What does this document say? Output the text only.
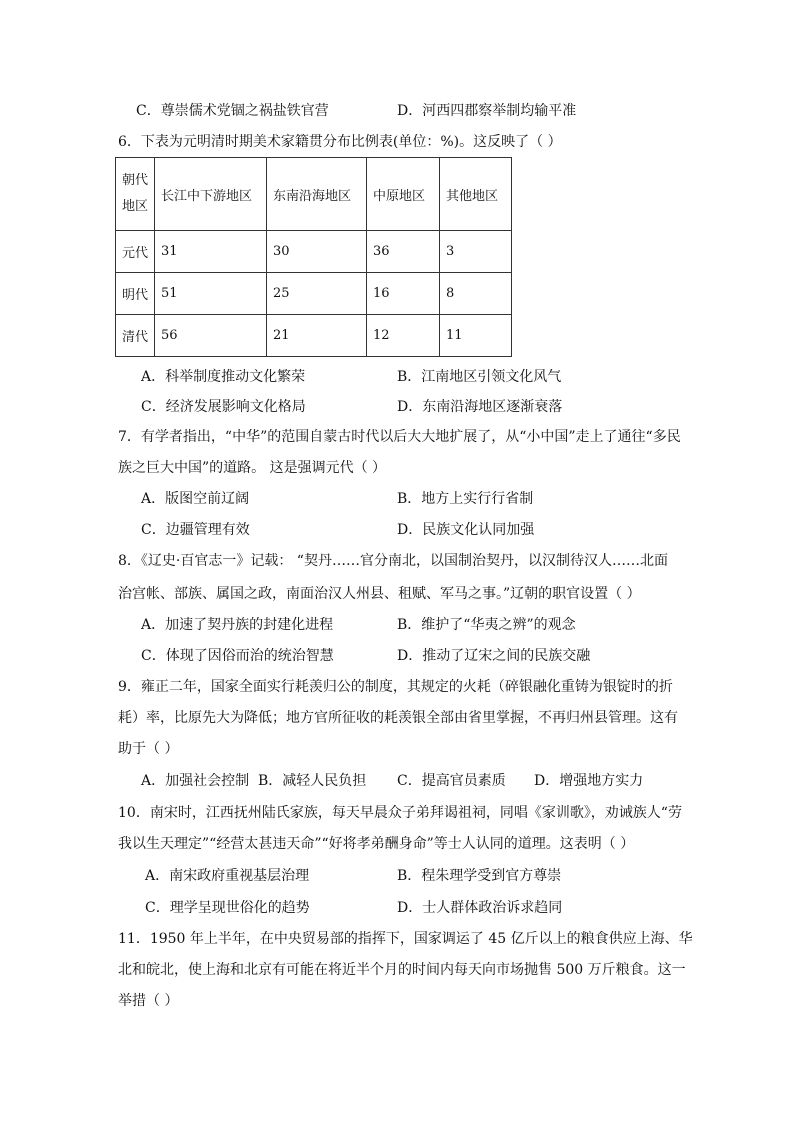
C．尊崇儒术党锢之祸盐铁官营	D．河西四郡察举制均输平准
6．下表为元明清时期美术家籍贯分布比例表(单位：%)。这反映了（ ）
朝代
地区	长江中下游地区	东南沿海地区	中原地区	其他地区
元代	31	30	36	3
明代	51	25	16	8
清代	56	21	12	11
A．科举制度推动文化繁荣	B．江南地区引领文化风气
C．经济发展影响文化格局	D．东南沿海地区逐渐衰落
7．有学者指出，“中华”的范围自蒙古时代以后大大地扩展了，从“小中国”走上了通往“多民
族之巨大中国”的道路。 这是强调元代（ ）
A．版图空前辽阔	B．地方上实行行省制
C．边疆管理有效	D．民族文化认同加强
8．《辽史·百官志一》记载： “契丹……官分南北，以国制治契丹，以汉制待汉人……北面
治宫帐、部族、属国之政，南面治汉人州县、租赋、军马之事。”辽朝的职官设置（ ）
A．加速了契丹族的封建化进程	B．维护了“华夷之辨”的观念
C．体现了因俗而治的统治智慧	D．推动了辽宋之间的民族交融
9．雍正二年，国家全面实行耗羡归公的制度，其规定的火耗（碎银融化重铸为银锭时的折
耗）率，比原先大为降低；地方官所征收的耗羡银全部由省里掌握，不再归州县管理。这有
助于（ ）
A．加强社会控制 B．减轻人民负担 C．提高官员素质 D．增强地方实力
10．南宋时，江西抚州陆氏家族，每天早晨众子弟拜谒祖祠，同唱《家训歌》，劝诫族人“劳
我以生天理定”“经营太甚违天命”“好将孝弟酬身命”等士人认同的道理。这表明（ ）
A．南宋政府重视基层治理	B．程朱理学受到官方尊崇
C．理学呈现世俗化的趋势	D．士人群体政治诉求趋同
11．1950 年上半年，在中央贸易部的指挥下，国家调运了 45 亿斤以上的粮食供应上海、华
北和皖北，使上海和北京有可能在将近半个月的时间内每天向市场抛售 500 万斤粮食。这一
举措（ ）
